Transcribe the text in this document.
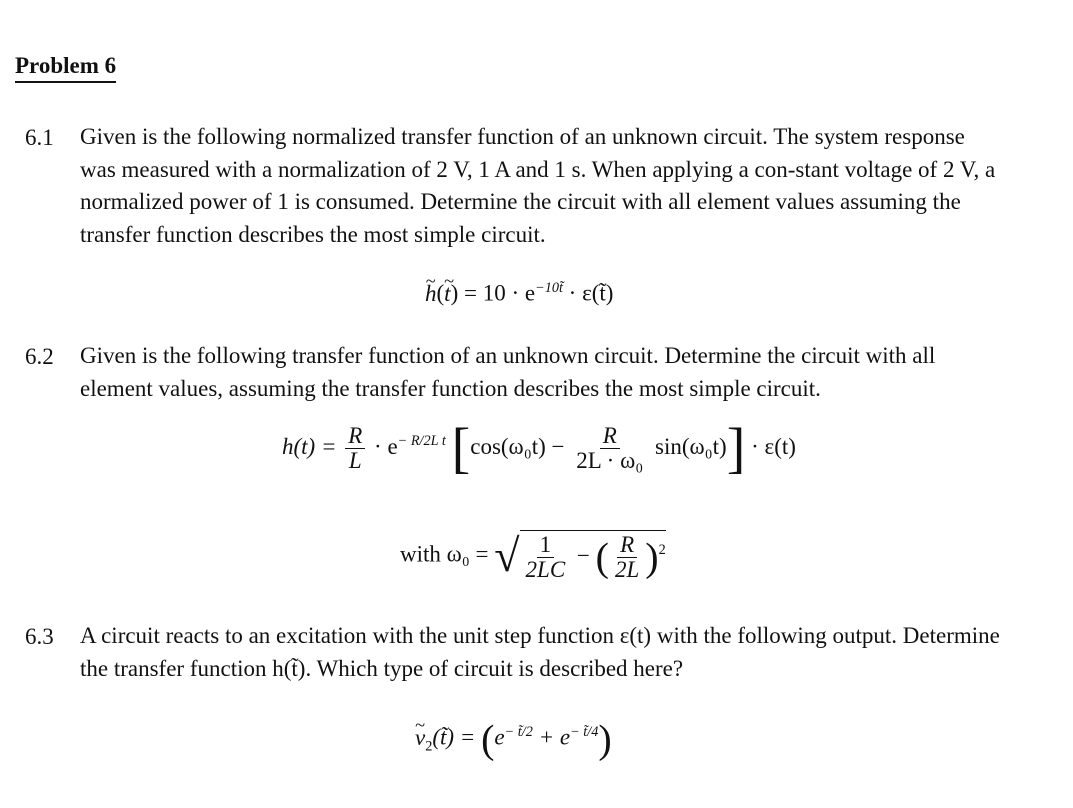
Problem 6
6.1 Given is the following normalized transfer function of an unknown circuit. The system response was measured with a normalization of 2 V, 1 A and 1 s. When applying a con-stant voltage of 2 V, a normalized power of 1 is consumed. Determine the circuit with all element values assuming the transfer function describes the most simple circuit.
~ h(~ $t) = 10 \cdot e^{-10t̃}$ · ε(t̃)
6.2 Given is the following transfer function of an unknown circuit. Determine the circuit with all element values, assuming the transfer function describes the most simple circuit.
$h(t) = \frac{R}{L} \cdot e^{- R/2L t}$ $[\cos(\omega_0t) - \frac{R}{\text{2L · ω₀}} \sin(\omega_0t)] \cdot \varepsilon(t)$
with ω₀ = √ $\frac{1}{2LC}$ − ( $\frac{R}{2L} )^2$
6.3 A circuit reacts to an excitation with the unit step function ε(t) with the following output. Determine the transfer function h(t̃). Which type of circuit is described here?
~ $v_2(t̃) = (e^{- t̃/2} + e^{- t̃/4})$
